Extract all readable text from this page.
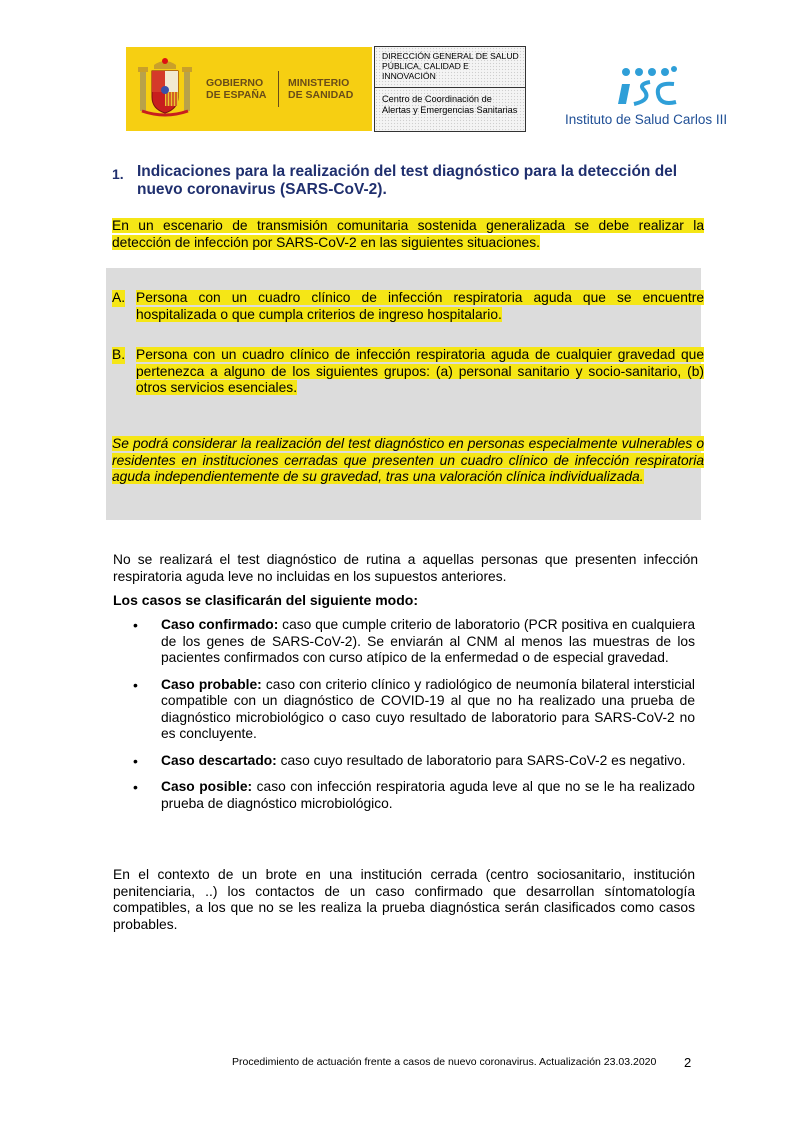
GOBIERNO
DE ESPAÑA
MINISTERIO
DE SANIDAD
DIRECCIÓN GENERAL DE SALUD PÚBLICA, CALIDAD E INNOVACIÓN
Centro de Coordinación de Alertas y Emergencias Sanitarias
Instituto de Salud Carlos III
1. Indicaciones para la realización del test diagnóstico para la detección del nuevo coronavirus (SARS-CoV-2).
En un escenario de transmisión comunitaria sostenida generalizada se debe realizar la detección de infección por SARS-CoV-2 en las siguientes situaciones.
A. Persona con un cuadro clínico de infección respiratoria aguda que se encuentre hospitalizada o que cumpla criterios de ingreso hospitalario.
B. Persona con un cuadro clínico de infección respiratoria aguda de cualquier gravedad que pertenezca a alguno de los siguientes grupos: (a) personal sanitario y socio-sanitario, (b) otros servicios esenciales.
Se podrá considerar la realización del test diagnóstico en personas especialmente vulnerables o residentes en instituciones cerradas que presenten un cuadro clínico de infección respiratoria aguda independientemente de su gravedad, tras una valoración clínica individualizada.
No se realizará el test diagnóstico de rutina a aquellas personas que presenten infección respiratoria aguda leve no incluidas en los supuestos anteriores.
Los casos se clasificarán del siguiente modo:
• Caso confirmado: caso que cumple criterio de laboratorio (PCR positiva en cualquiera de los genes de SARS-CoV-2). Se enviarán al CNM al menos las muestras de los pacientes confirmados con curso atípico de la enfermedad o de especial gravedad.
• Caso probable: caso con criterio clínico y radiológico de neumonía bilateral intersticial compatible con un diagnóstico de COVID-19 al que no ha realizado una prueba de diagnóstico microbiológico o caso cuyo resultado de laboratorio para SARS-CoV-2 no es concluyente.
• Caso descartado: caso cuyo resultado de laboratorio para SARS-CoV-2 es negativo.
• Caso posible: caso con infección respiratoria aguda leve al que no se le ha realizado prueba de diagnóstico microbiológico.
En el contexto de un brote en una institución cerrada (centro sociosanitario, institución penitenciaria, ..) los contactos de un caso confirmado que desarrollan síntomatología compatibles, a los que no se les realiza la prueba diagnóstica serán clasificados como casos probables.
Procedimiento de actuación frente a casos de nuevo coronavirus. Actualización 23.03.2020 2
